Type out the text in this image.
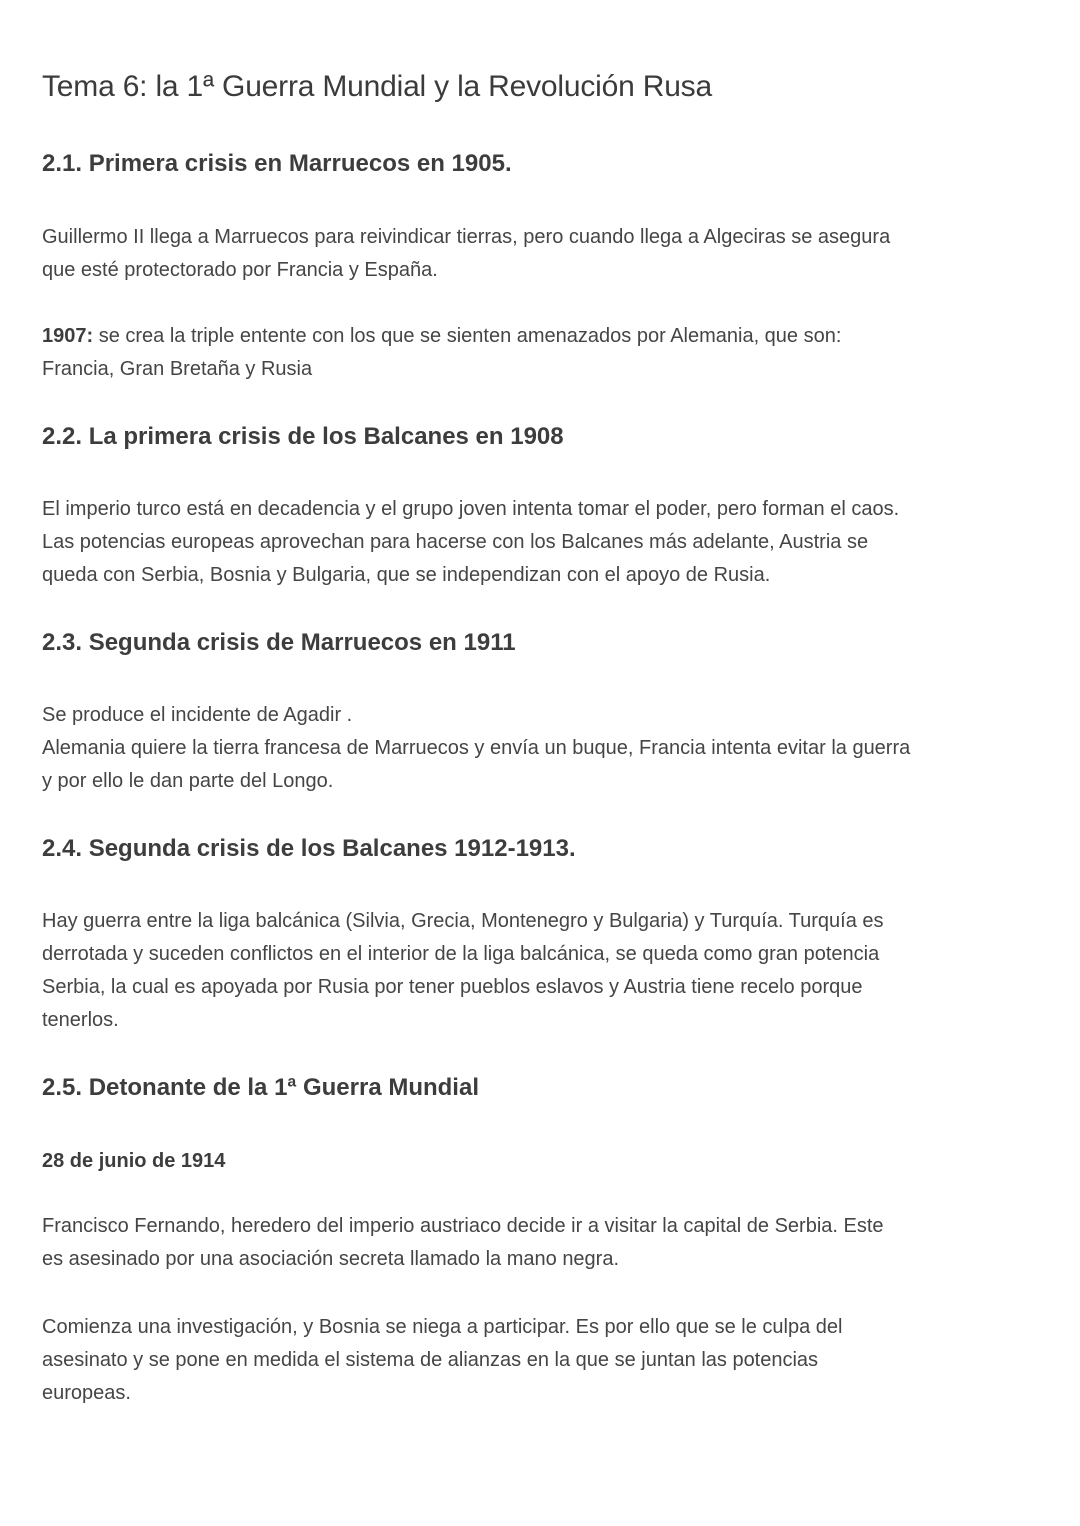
Tema 6: la 1ª Guerra Mundial y la Revolución Rusa
2.1. Primera crisis en Marruecos en 1905.
Guillermo II llega a Marruecos para reivindicar tierras, pero cuando llega a Algeciras se asegura
que esté protectorado por Francia y España.
1907: se crea la triple entente con los que se sienten amenazados por Alemania, que son:
Francia, Gran Bretaña y Rusia
2.2. La primera crisis de los Balcanes en 1908
El imperio turco está en decadencia y el grupo joven intenta tomar el poder, pero forman el caos.
Las potencias europeas aprovechan para hacerse con los Balcanes más adelante, Austria se
queda con Serbia, Bosnia y Bulgaria, que se independizan con el apoyo de Rusia.
2.3. Segunda crisis de Marruecos en 1911
Se produce el incidente de Agadir .
Alemania quiere la tierra francesa de Marruecos y envía un buque, Francia intenta evitar la guerra
y por ello le dan parte del Longo.
2.4. Segunda crisis de los Balcanes 1912-1913.
Hay guerra entre la liga balcánica (Silvia, Grecia, Montenegro y Bulgaria) y Turquía. Turquía es
derrotada y suceden conflictos en el interior de la liga balcánica, se queda como gran potencia
Serbia, la cual es apoyada por Rusia por tener pueblos eslavos y Austria tiene recelo porque
tenerlos.
2.5. Detonante de la 1ª Guerra Mundial
28 de junio de 1914
Francisco Fernando, heredero del imperio austriaco decide ir a visitar la capital de Serbia. Este
es asesinado por una asociación secreta llamado la mano negra.
Comienza una investigación, y Bosnia se niega a participar. Es por ello que se le culpa del
asesinato y se pone en medida el sistema de alianzas en la que se juntan las potencias
europeas.
